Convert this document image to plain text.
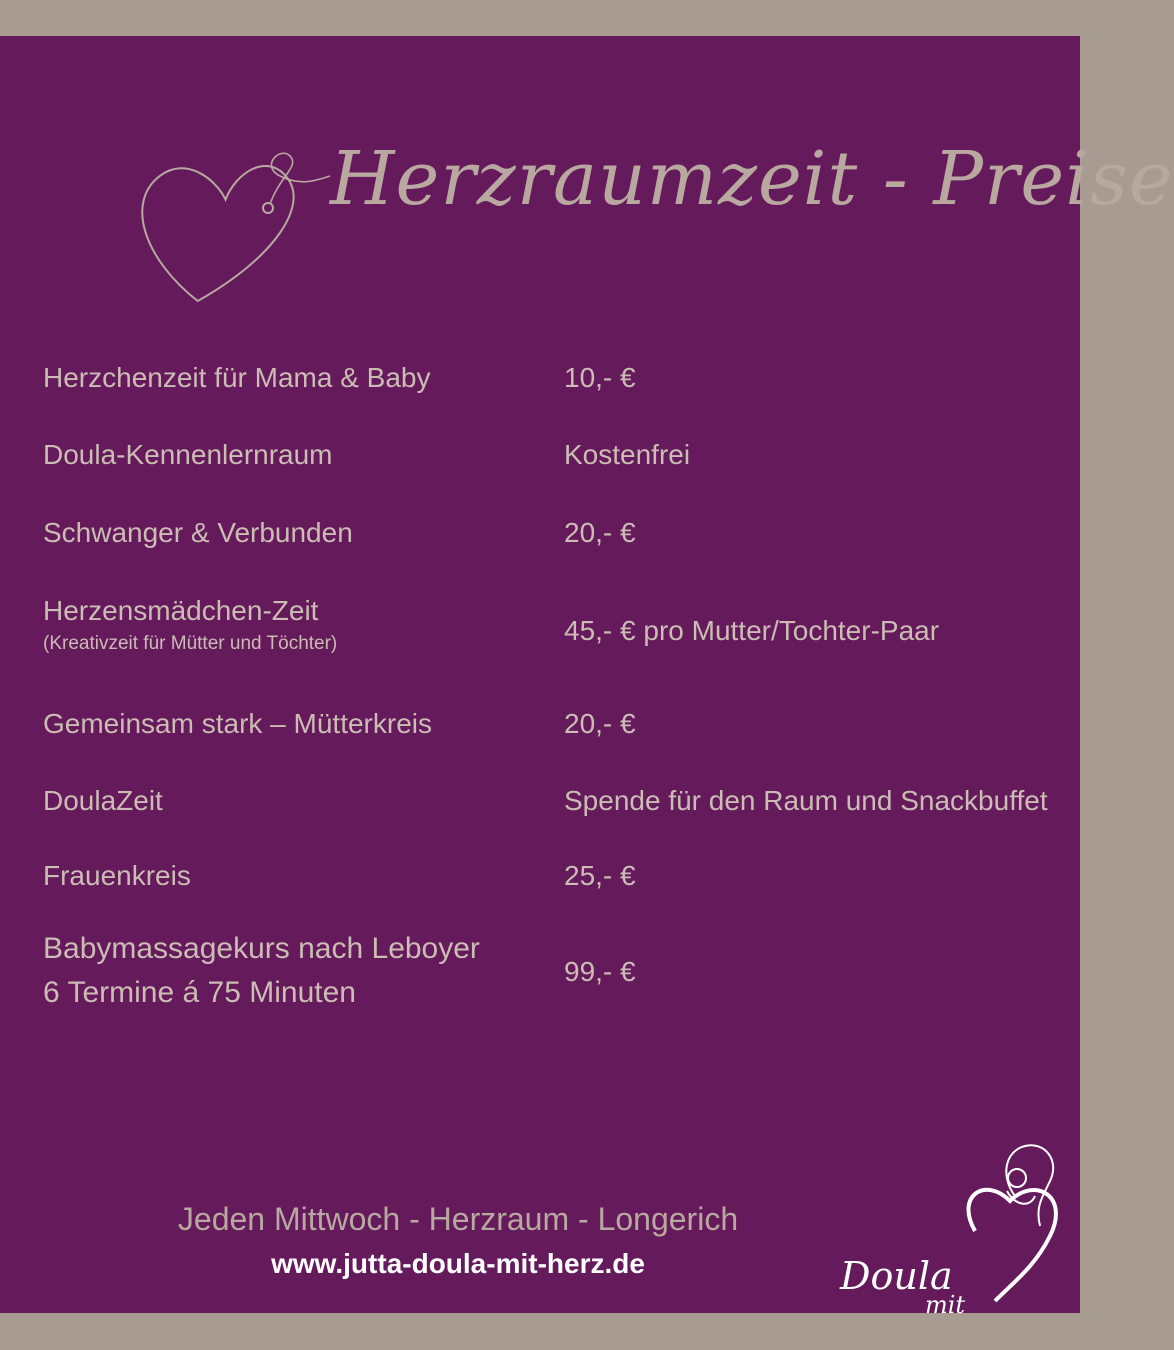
Herzraumzeit - Preise
Herzchenzeit für Mama & Baby	10,- €
Doula-Kennenlernraum	Kostenfrei
Schwanger & Verbunden	20,- €
Herzensmädchen-Zeit
(Kreativzeit für Mütter und Töchter)	45,- € pro Mutter/Tochter-Paar
Gemeinsam stark – Mütterkreis	20,- €
DoulaZeit	Spende für den Raum und Snackbuffet
Frauenkreis	25,- €
Babymassagekurs nach Leboyer
6 Termine á 75 Minuten
99,- €
Jeden Mittwoch - Herzraum - Longerich
www.jutta-doula-mit-herz.de	Doula
mit
